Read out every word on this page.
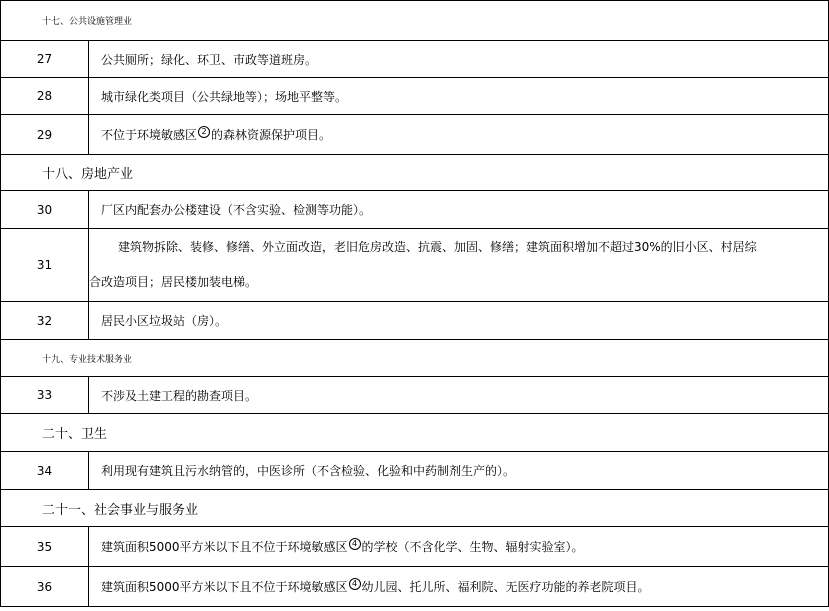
十七、公共设施管理业	
27	公共厕所；绿化、环卫、市政等道班房。
28	城市绿化类项目（公共绿地等）；场地平整等。
29	不位于环境敏感区 $^2$ 的森林资源保护项目。
十八、房地产业	
30	厂区内配套办公楼建设（不含实验、检测等功能）。
31	建筑物拆除、装修、修缮、外立面改造，老旧危房改造、抗震、加固、修缮；建筑面积增加不超过30%的旧小区、村居综
合改造项目；居民楼加装电梯。
32	居民小区垃圾站（房）。
十九、专业技术服务业	
33	不涉及土建工程的勘查项目。
二十、卫生	
34	利用现有建筑且污水纳管的，中医诊所（不含检验、化验和中药制剂生产的）。
二十一、社会事业与服务业	
35	建筑面积5000平方米以下且不位于环境敏感区 $^4$ 的学校（不含化学、生物、辐射实验室）。
36	建筑面积5000平方米以下且不位于环境敏感区 $^4$ 幼儿园、托儿所、福利院、无医疗功能的养老院项目。
